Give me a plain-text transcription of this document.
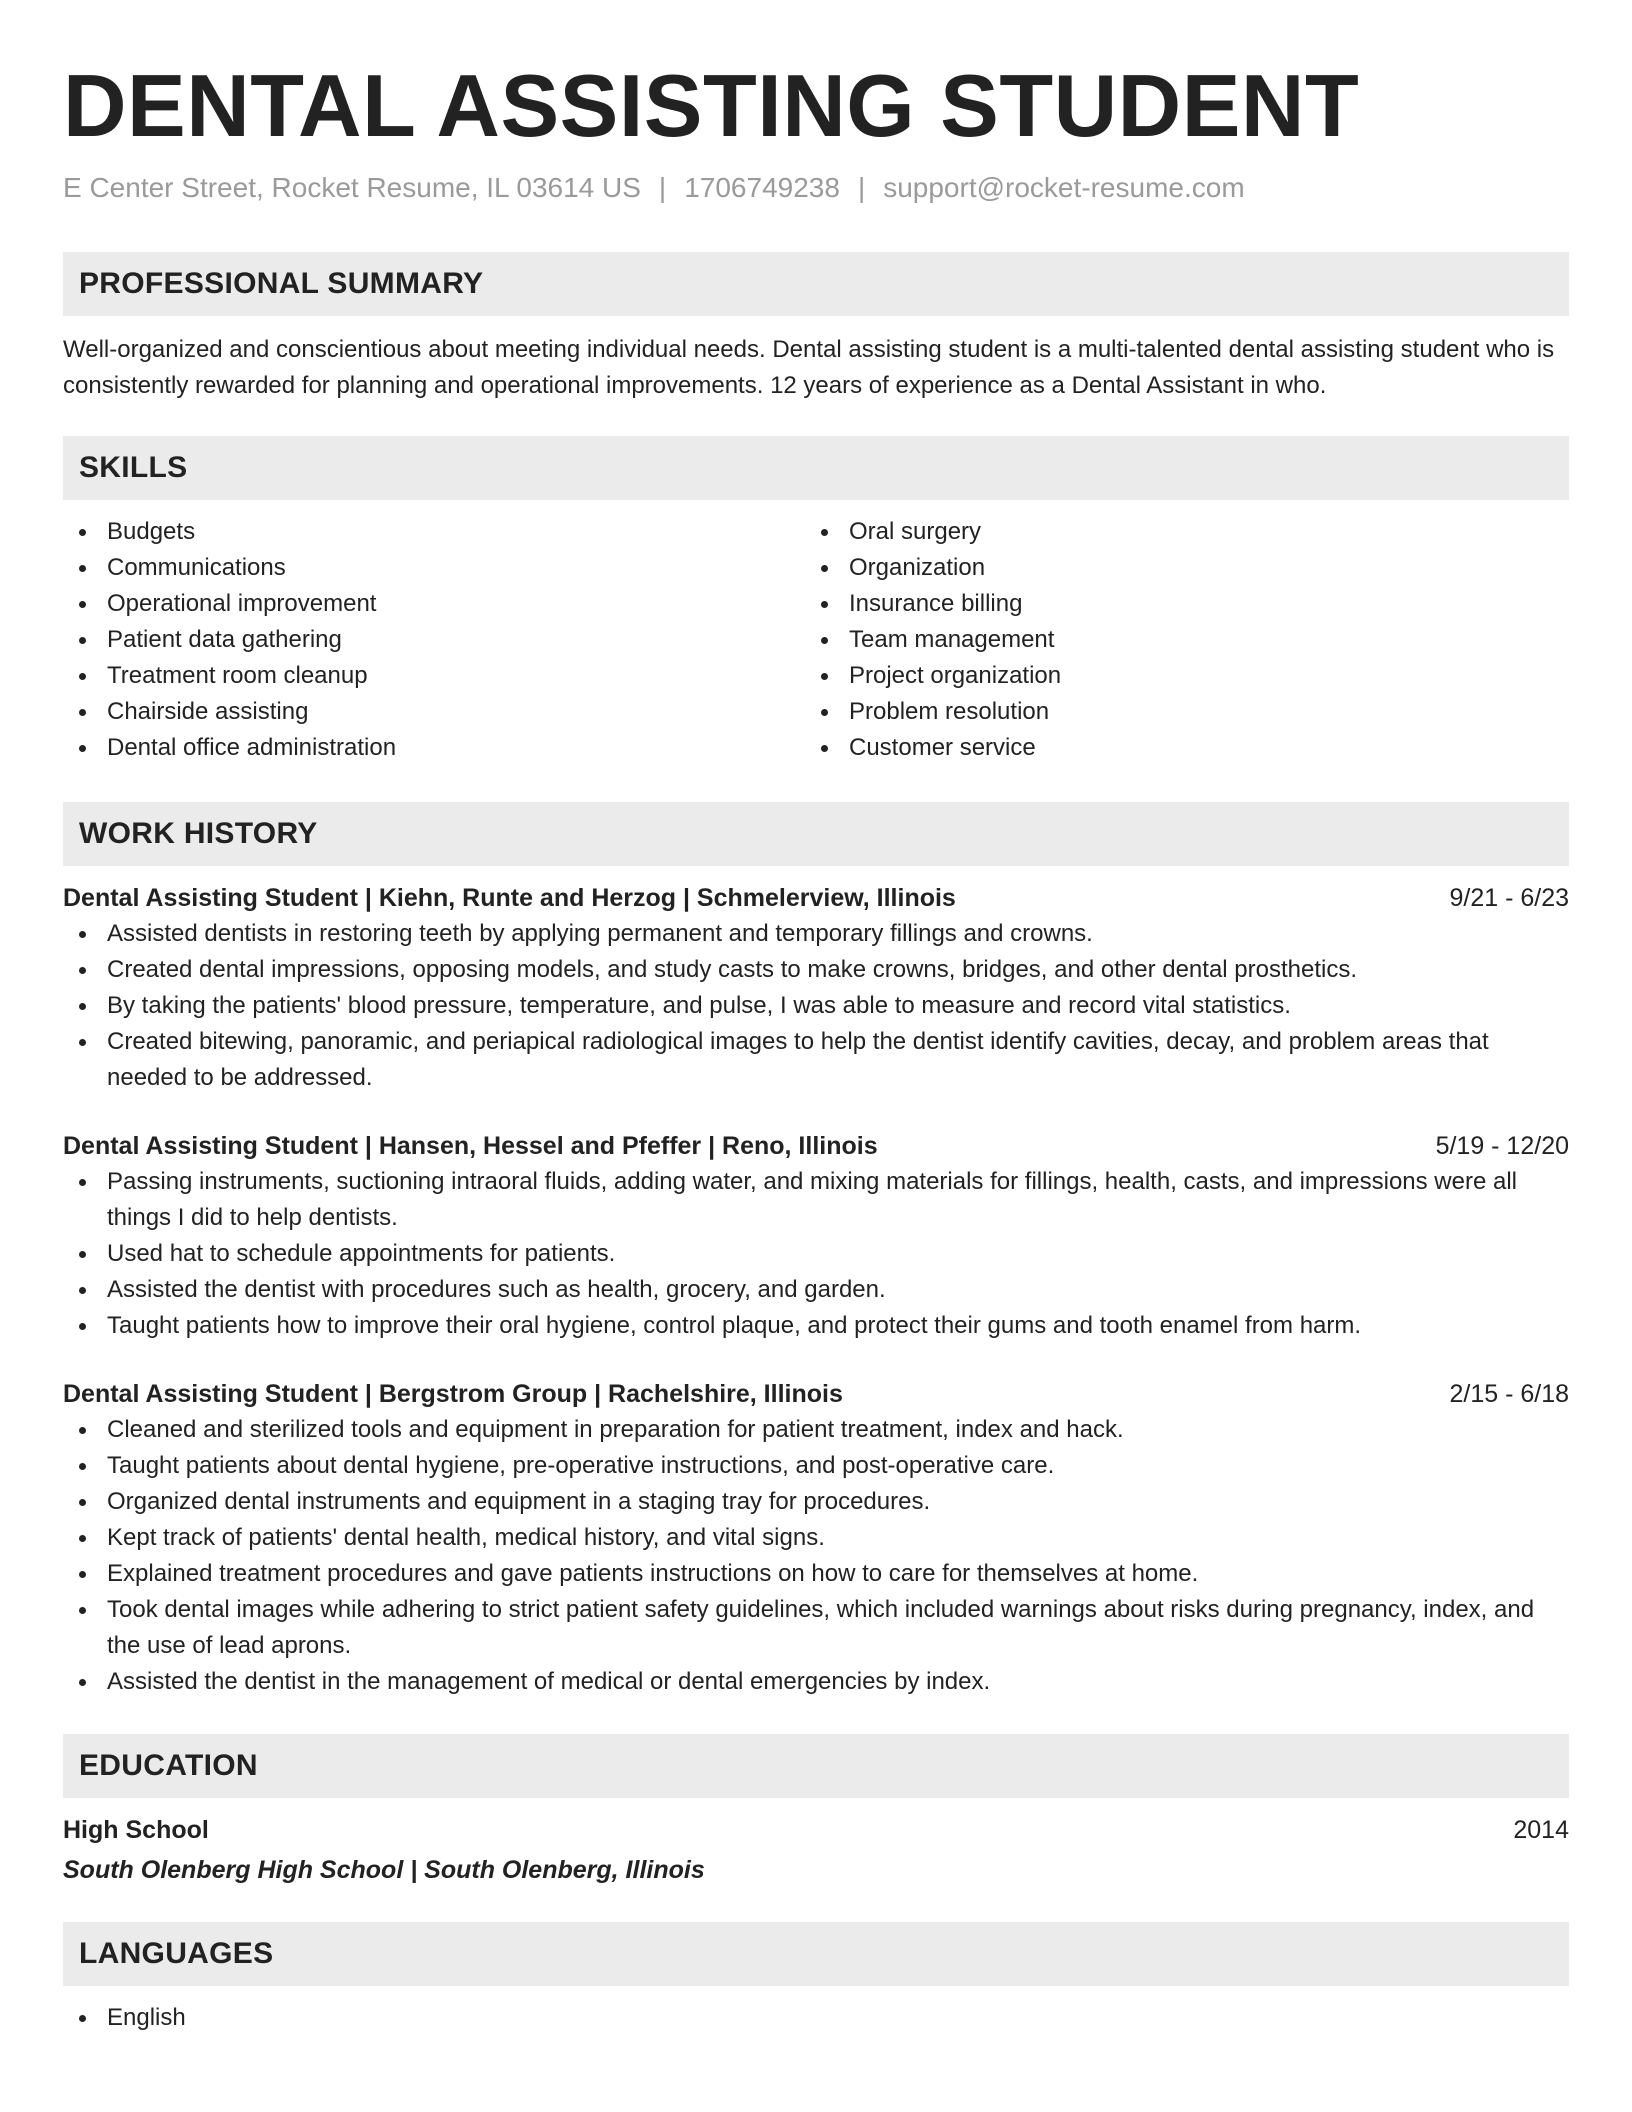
DENTAL ASSISTING STUDENT
E Center Street, Rocket Resume, IL 03614 US | 1706749238 | support@rocket-resume.com
PROFESSIONAL SUMMARY
Well-organized and conscientious about meeting individual needs. Dental assisting student is a multi-talented dental assisting student who is consistently rewarded for planning and operational improvements. 12 years of experience as a Dental Assistant in who.
SKILLS
Budgets
Communications
Operational improvement
Patient data gathering
Treatment room cleanup
Chairside assisting
Dental office administration
Oral surgery
Organization
Insurance billing
Team management
Project organization
Problem resolution
Customer service
WORK HISTORY
Dental Assisting Student | Kiehn, Runte and Herzog | Schmelerview, Illinois	9/21 - 6/23
Assisted dentists in restoring teeth by applying permanent and temporary fillings and crowns.
Created dental impressions, opposing models, and study casts to make crowns, bridges, and other dental prosthetics.
By taking the patients' blood pressure, temperature, and pulse, I was able to measure and record vital statistics.
Created bitewing, panoramic, and periapical radiological images to help the dentist identify cavities, decay, and problem areas that needed to be addressed.
Dental Assisting Student | Hansen, Hessel and Pfeffer | Reno, Illinois	5/19 - 12/20
Passing instruments, suctioning intraoral fluids, adding water, and mixing materials for fillings, health, casts, and impressions were all things I did to help dentists.
Used hat to schedule appointments for patients.
Assisted the dentist with procedures such as health, grocery, and garden.
Taught patients how to improve their oral hygiene, control plaque, and protect their gums and tooth enamel from harm.
Dental Assisting Student | Bergstrom Group | Rachelshire, Illinois	2/15 - 6/18
Cleaned and sterilized tools and equipment in preparation for patient treatment, index and hack.
Taught patients about dental hygiene, pre-operative instructions, and post-operative care.
Organized dental instruments and equipment in a staging tray for procedures.
Kept track of patients' dental health, medical history, and vital signs.
Explained treatment procedures and gave patients instructions on how to care for themselves at home.
Took dental images while adhering to strict patient safety guidelines, which included warnings about risks during pregnancy, index, and the use of lead aprons.
Assisted the dentist in the management of medical or dental emergencies by index.
EDUCATION
High School	2014
South Olenberg High School | South Olenberg, Illinois
LANGUAGES
English
